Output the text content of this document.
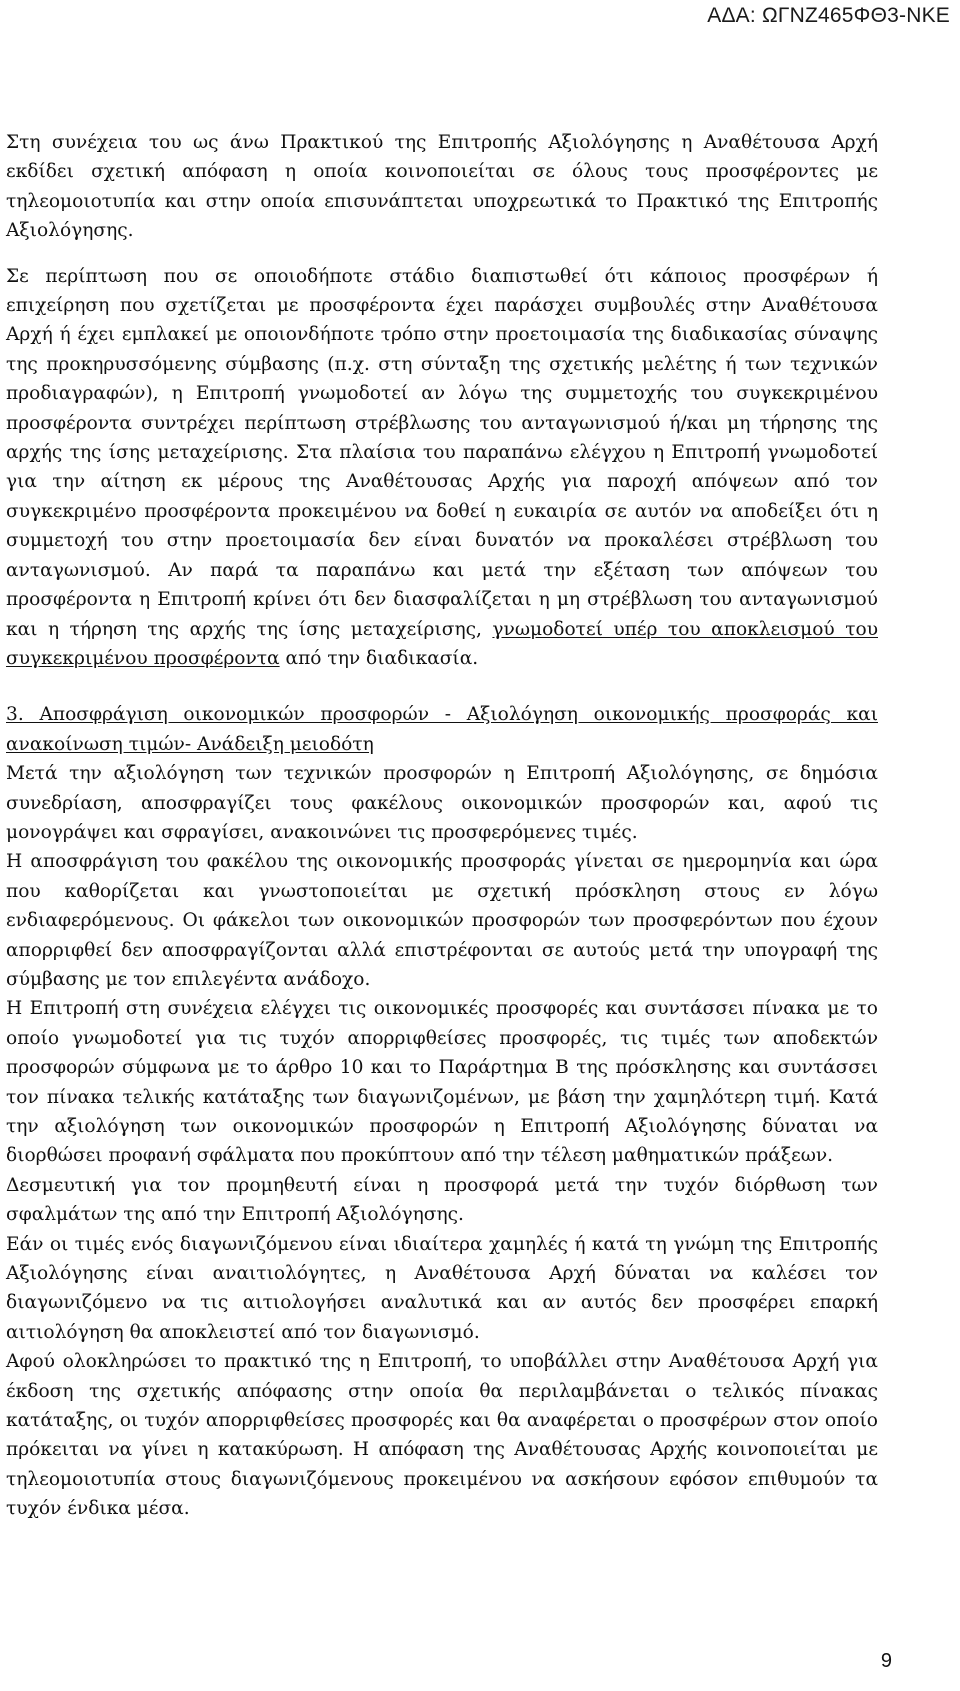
ΑΔΑ: ΩΓΝΖ465ΦΘ3-ΝΚΕ

Στη συνέχεια του ως άνω Πρακτικού της Επιτροπής Αξιολόγησης η Αναθέτουσα Αρχή εκδίδει σχετική απόφαση η οποία κοινοποιείται σε όλους τους προσφέροντες με τηλεομοιοτυπία και στην οποία επισυνάπτεται υποχρεωτικά το Πρακτικό της Επιτροπής Αξιολόγησης.

Σε περίπτωση που σε οποιοδήποτε στάδιο διαπιστωθεί ότι κάποιος προσφέρων ή επιχείρηση που σχετίζεται με προσφέροντα έχει παράσχει συμβουλές στην Αναθέτουσα Αρχή ή έχει εμπλακεί με οποιονδήποτε τρόπο στην προετοιμασία της διαδικασίας σύναψης της προκηρυσσόμενης σύμβασης (π.χ. στη σύνταξη της σχετικής μελέτης ή των τεχνικών προδιαγραφών), η Επιτροπή γνωμοδοτεί αν λόγω της συμμετοχής του συγκεκριμένου προσφέροντα συντρέχει περίπτωση στρέβλωσης του ανταγωνισμού ή/και μη τήρησης της αρχής της ίσης μεταχείρισης. Στα πλαίσια του παραπάνω ελέγχου η Επιτροπή γνωμοδοτεί για την αίτηση εκ μέρους της Αναθέτουσας Αρχής για παροχή απόψεων από τον συγκεκριμένο προσφέροντα προκειμένου να δοθεί η ευκαιρία σε αυτόν να αποδείξει ότι η συμμετοχή του στην προετοιμασία δεν είναι δυνατόν να προκαλέσει στρέβλωση του ανταγωνισμού. Αν παρά τα παραπάνω και μετά την εξέταση των απόψεων του προσφέροντα η Επιτροπή κρίνει ότι δεν διασφαλίζεται η μη στρέβλωση του ανταγωνισμού και η τήρηση της αρχής της ίσης μεταχείρισης, γνωμοδοτεί υπέρ του αποκλεισμού του συγκεκριμένου προσφέροντα από την διαδικασία.

3. Αποσφράγιση οικονομικών προσφορών - Αξιολόγηση οικονομικής προσφοράς και ανακοίνωση τιμών- Ανάδειξη μειοδότη

Μετά την αξιολόγηση των τεχνικών προσφορών η Επιτροπή Αξιολόγησης, σε δημόσια συνεδρίαση, αποσφραγίζει τους φακέλους οικονομικών προσφορών και, αφού τις μονογράψει και σφραγίσει, ανακοινώνει τις προσφερόμενες τιμές.

Η αποσφράγιση του φακέλου της οικονομικής προσφοράς γίνεται σε ημερομηνία και ώρα που καθορίζεται και γνωστοποιείται με σχετική πρόσκληση στους εν λόγω ενδιαφερόμενους. Οι φάκελοι των οικονομικών προσφορών των προσφερόντων που έχουν απορριφθεί δεν αποσφραγίζονται αλλά επιστρέφονται σε αυτούς μετά την υπογραφή της σύμβασης με τον επιλεγέντα ανάδοχο.

Η Επιτροπή στη συνέχεια ελέγχει τις οικονομικές προσφορές και συντάσσει πίνακα με το οποίο γνωμοδοτεί για τις τυχόν απορριφθείσες προσφορές, τις τιμές των αποδεκτών προσφορών σύμφωνα με το άρθρο 10 και το Παράρτημα Β της πρόσκλησης και συντάσσει τον πίνακα τελικής κατάταξης των διαγωνιζομένων, με βάση την χαμηλότερη τιμή. Κατά την αξιολόγηση των οικονομικών προσφορών η Επιτροπή Αξιολόγησης δύναται να διορθώσει προφανή σφάλματα που προκύπτουν από την τέλεση μαθηματικών πράξεων.

Δεσμευτική για τον προμηθευτή είναι η προσφορά μετά την τυχόν διόρθωση των σφαλμάτων της από την Επιτροπή Αξιολόγησης.

Εάν οι τιμές ενός διαγωνιζόμενου είναι ιδιαίτερα χαμηλές ή κατά τη γνώμη της Επιτροπής Αξιολόγησης είναι αναιτιολόγητες, η Αναθέτουσα Αρχή δύναται να καλέσει τον διαγωνιζόμενο να τις αιτιολογήσει αναλυτικά και αν αυτός δεν προσφέρει επαρκή αιτιολόγηση θα αποκλειστεί από τον διαγωνισμό.

Αφού ολοκληρώσει το πρακτικό της η Επιτροπή, το υποβάλλει στην Αναθέτουσα Αρχή για έκδοση της σχετικής απόφασης στην οποία θα περιλαμβάνεται ο τελικός πίνακας κατάταξης, οι τυχόν απορριφθείσες προσφορές και θα αναφέρεται ο προσφέρων στον οποίο πρόκειται να γίνει η κατακύρωση. Η απόφαση της Αναθέτουσας Αρχής κοινοποιείται με τηλεομοιοτυπία στους διαγωνιζόμενους προκειμένου να ασκήσουν εφόσον επιθυμούν τα τυχόν ένδικα μέσα.

9
